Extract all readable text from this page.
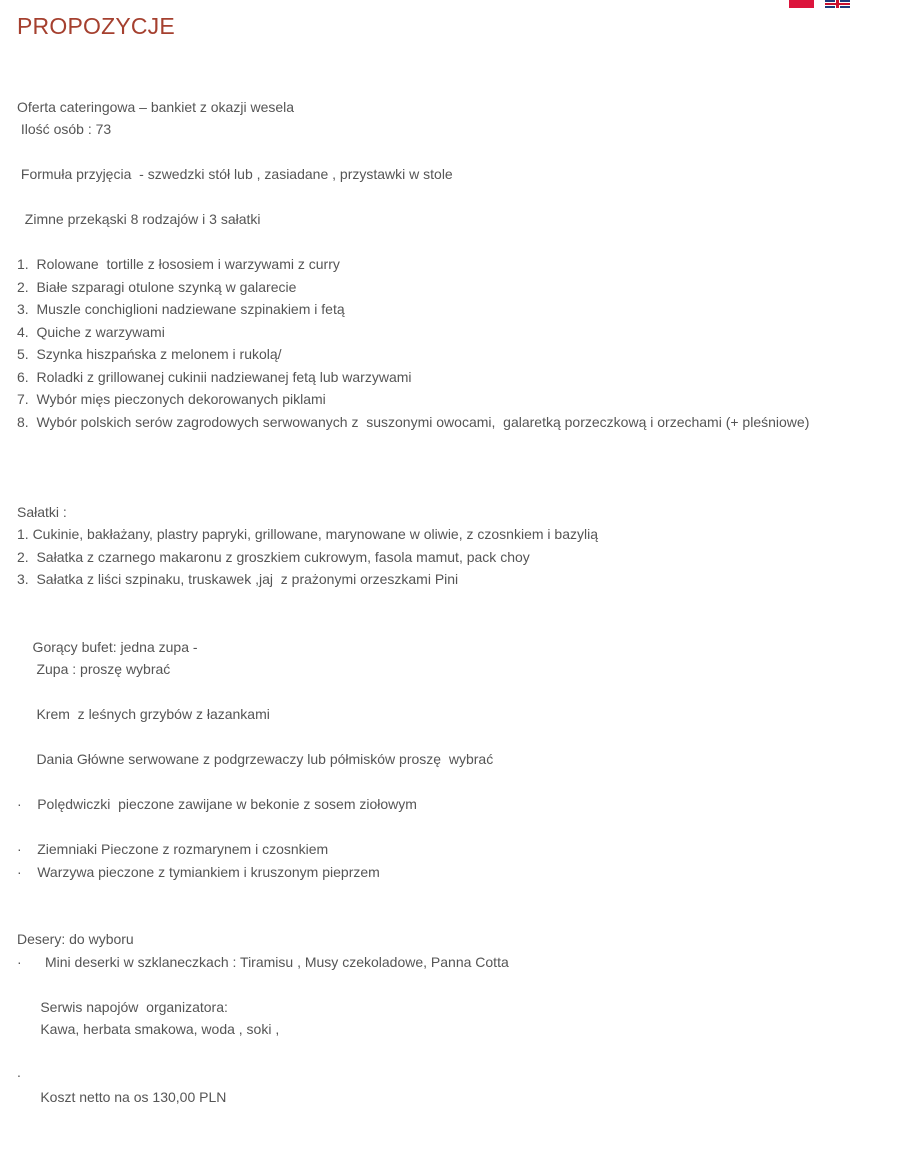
PROPOZYCJE
Oferta cateringowa – bankiet z okazji wesela
Ilość osób : 73
Formuła przyjęcia  - szwedzki stół lub , zasiadane , przystawki w stole
Zimne przekąski 8 rodzajów i 3 sałatki
1.  Rolowane  tortille z łososiem i warzywami z curry
2.  Białe szparagi otulone szynką w galarecie
3.  Muszle conchiglioni nadziewane szpinakiem i fetą
4.  Quiche z warzywami
5.  Szynka hiszpańska z melonem i rukolą/
6.  Roladki z grillowanej cukinii nadziewanej fetą lub warzywami
7.  Wybór mięs pieczonych dekorowanych piklami
8.  Wybór polskich serów zagrodowych serwowanych z  suszonymi owocami,  galaretką porzeczkową i orzechami (+ pleśniowe)
Sałatki :
1. Cukinie, bakłażany, plastry papryki, grillowane, marynowane w oliwie, z czosnkiem i bazylią
2.  Sałatka z czarnego makaronu z groszkiem cukrowym, fasola mamut, pack choy
3.  Sałatka z liści szpinaku, truskawek ,jaj  z prażonymi orzeszkami Pini
Gorący bufet: jedna zupa -
Zupa : proszę wybrać
Krem  z leśnych grzybów z łazankami
Dania Główne serwowane z podgrzewaczy lub półmisków proszę  wybrać
·    Polędwiczki  pieczone zawijane w bekonie z sosem ziołowym
·    Ziemniaki Pieczone z rozmarynem i czosnkiem
·    Warzywa pieczone z tymiankiem i kruszonym pieprzem
Desery: do wyboru
·      Mini deserki w szklaneczkach : Tiramisu , Musy czekoladowe, Panna Cotta
Serwis napojów  organizatora:
Kawa, herbata smakowa, woda , soki ,
.
Koszt netto na os 130,00 PLN
